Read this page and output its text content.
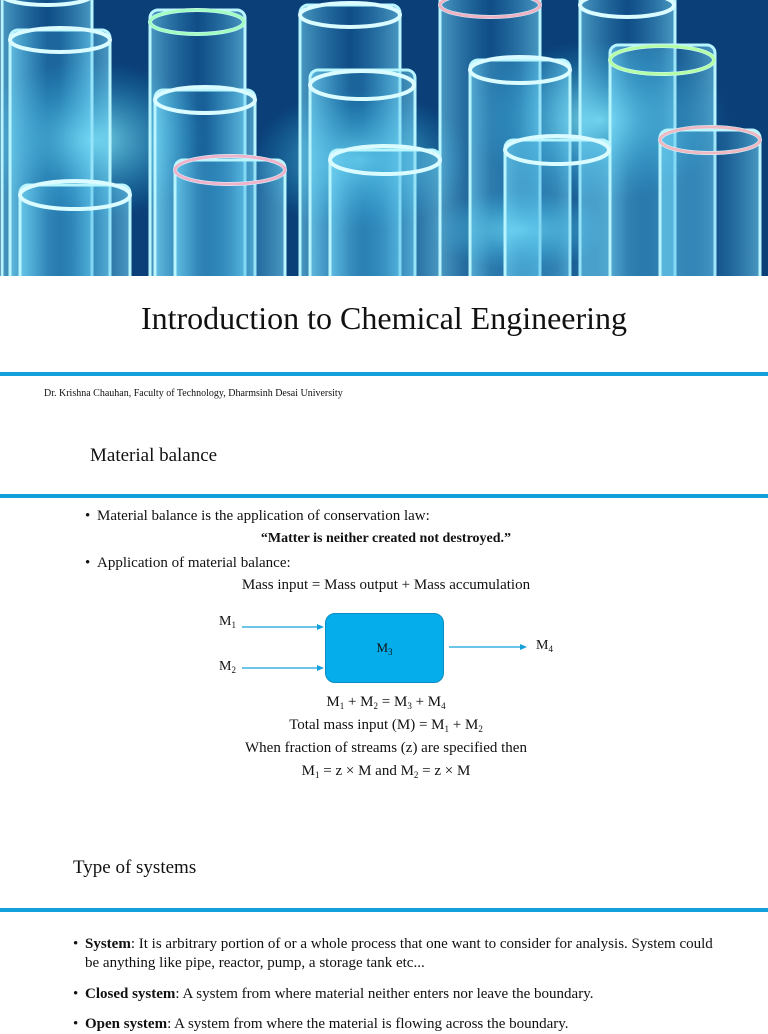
Introduction to Chemical Engineering
Dr. Krishna Chauhan, Faculty of Technology, Dharmsinh Desai University
Material balance
• Material balance is the application of conservation law:
“Matter is neither created not destroyed.”
• Application of material balance:
Mass input = Mass output + Mass accumulation
$M_1$
$M_2$
$M_3$	$M_4$
$M_1 + M_2 = M_3 + M_4$
Total mass input $(M) = M_1 + M_2$
When fraction of streams (z) are specified then
$M_1 = z \times M$ and $M_2 = z \times M$
Type of systems
• System: It is arbitrary portion of or a whole process that one want to consider for analysis. System could be anything like pipe, reactor, pump, a storage tank etc...
• Closed system: A system from where material neither enters nor leave the boundary.
• Open system: A system from where the material is flowing across the boundary.
